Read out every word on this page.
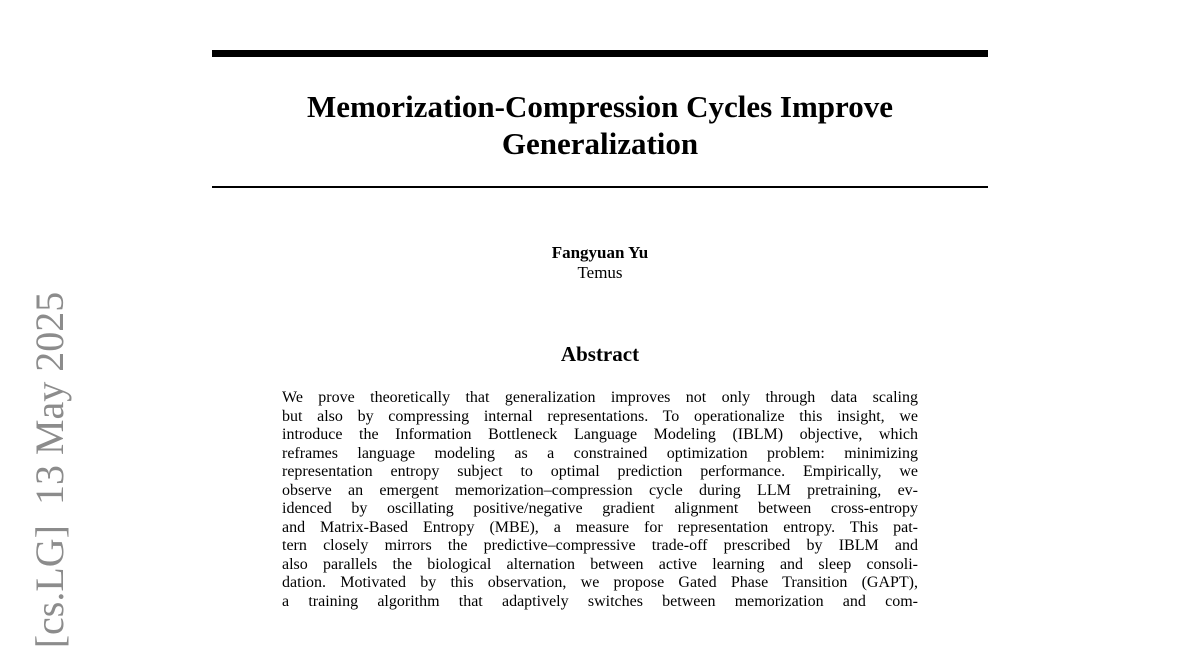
[cs.LG]  13 May 2025
Memorization-Compression Cycles Improve
Generalization
Fangyuan Yu
Temus
Abstract
We prove theoretically that generalization improves not only through data scaling
but also by compressing internal representations. To operationalize this insight, we
introduce the Information Bottleneck Language Modeling (IBLM) objective, which
reframes language modeling as a constrained optimization problem: minimizing
representation entropy subject to optimal prediction performance. Empirically, we
observe an emergent memorization–compression cycle during LLM pretraining, ev-
idenced by oscillating positive/negative gradient alignment between cross-entropy
and Matrix-Based Entropy (MBE), a measure for representation entropy. This pat-
tern closely mirrors the predictive–compressive trade-off prescribed by IBLM and
also parallels the biological alternation between active learning and sleep consoli-
dation. Motivated by this observation, we propose Gated Phase Transition (GAPT),
a training algorithm that adaptively switches between memorization and com-
